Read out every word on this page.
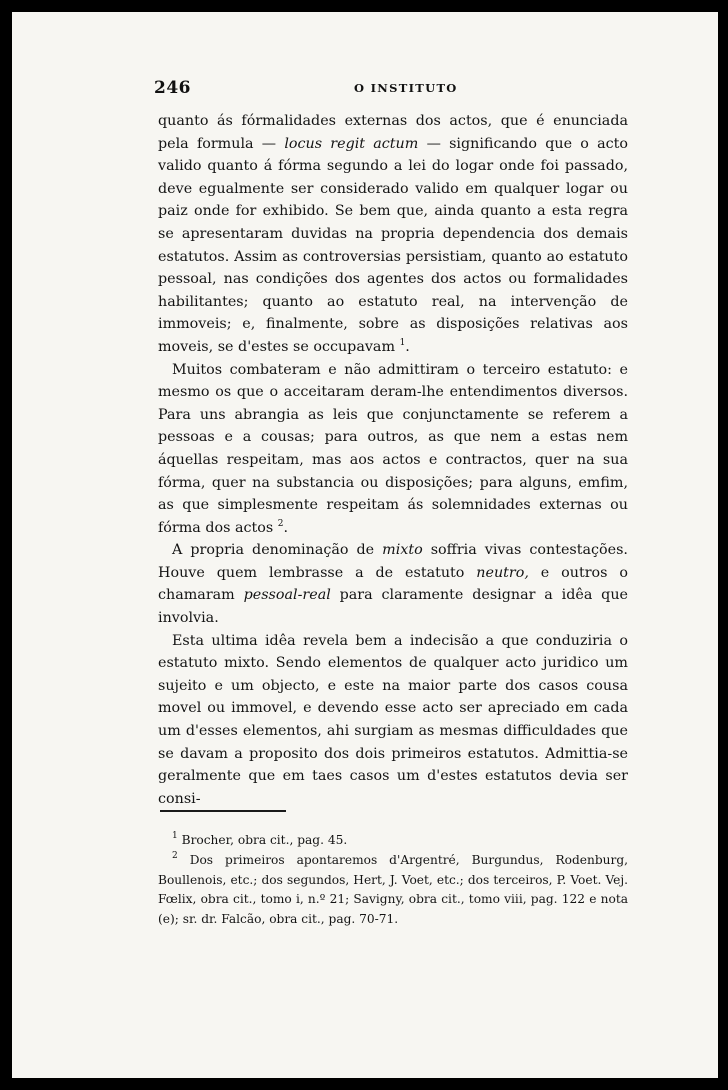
246	O INSTITUTO

quanto ás fórmalidades externas dos actos, que é enunciada pela formula — locus regit actum — significando que o acto valido quanto á fórma segundo a lei do logar onde foi passado, deve egualmente ser considerado valido em qualquer logar ou paiz onde for exhibido. Se bem que, ainda quanto a esta regra se apresentaram duvidas na propria dependencia dos demais estatutos. Assim as controversias persistiam, quanto ao estatuto pessoal, nas condições dos agentes dos actos ou formalidades habilitantes; quanto ao estatuto real, na intervenção de immoveis; e, finalmente, sobre as disposições relativas aos moveis, se d'estes se occupavam $^1$.

Muitos combateram e não admittiram o terceiro estatuto: e mesmo os que o acceitaram deram-lhe entendimentos diversos. Para uns abrangia as leis que conjunctamente se referem a pessoas e a cousas; para outros, as que nem a estas nem áquellas respeitam, mas aos actos e contractos, quer na sua fórma, quer na substancia ou disposições; para alguns, emfim, as que simplesmente respeitam ás solemnidades externas ou fórma dos actos $^2$.

A propria denominação de mixto soffria vivas contestações. Houve quem lembrasse a de estatuto neutro, e outros o chamaram pessoal-real para claramente designar a idêa que involvia.

Esta ultima idêa revela bem a indecisão a que conduziria o estatuto mixto. Sendo elementos de qualquer acto juridico um sujeito e um objecto, e este na maior parte dos casos cousa movel ou immovel, e devendo esse acto ser apreciado em cada um d'esses elementos, ahi surgiam as mesmas difficuldades que se davam a proposito dos dois primeiros estatutos. Admittia-se geralmente que em taes casos um d'estes estatutos devia ser consi-

$^1$ Brocher, obra cit., pag. 45.

$^2$ Dos primeiros apontaremos d'Argentré, Burgundus, Rodenburg, Boullenois, etc.; dos segundos, Hert, J. Voet, etc.; dos terceiros, P. Voet. Vej. Fœlix, obra cit., tomo i, n.º 21; Savigny, obra cit., tomo viii, pag. 122 e nota (e); sr. dr. Falcão, obra cit., pag. 70-71.
